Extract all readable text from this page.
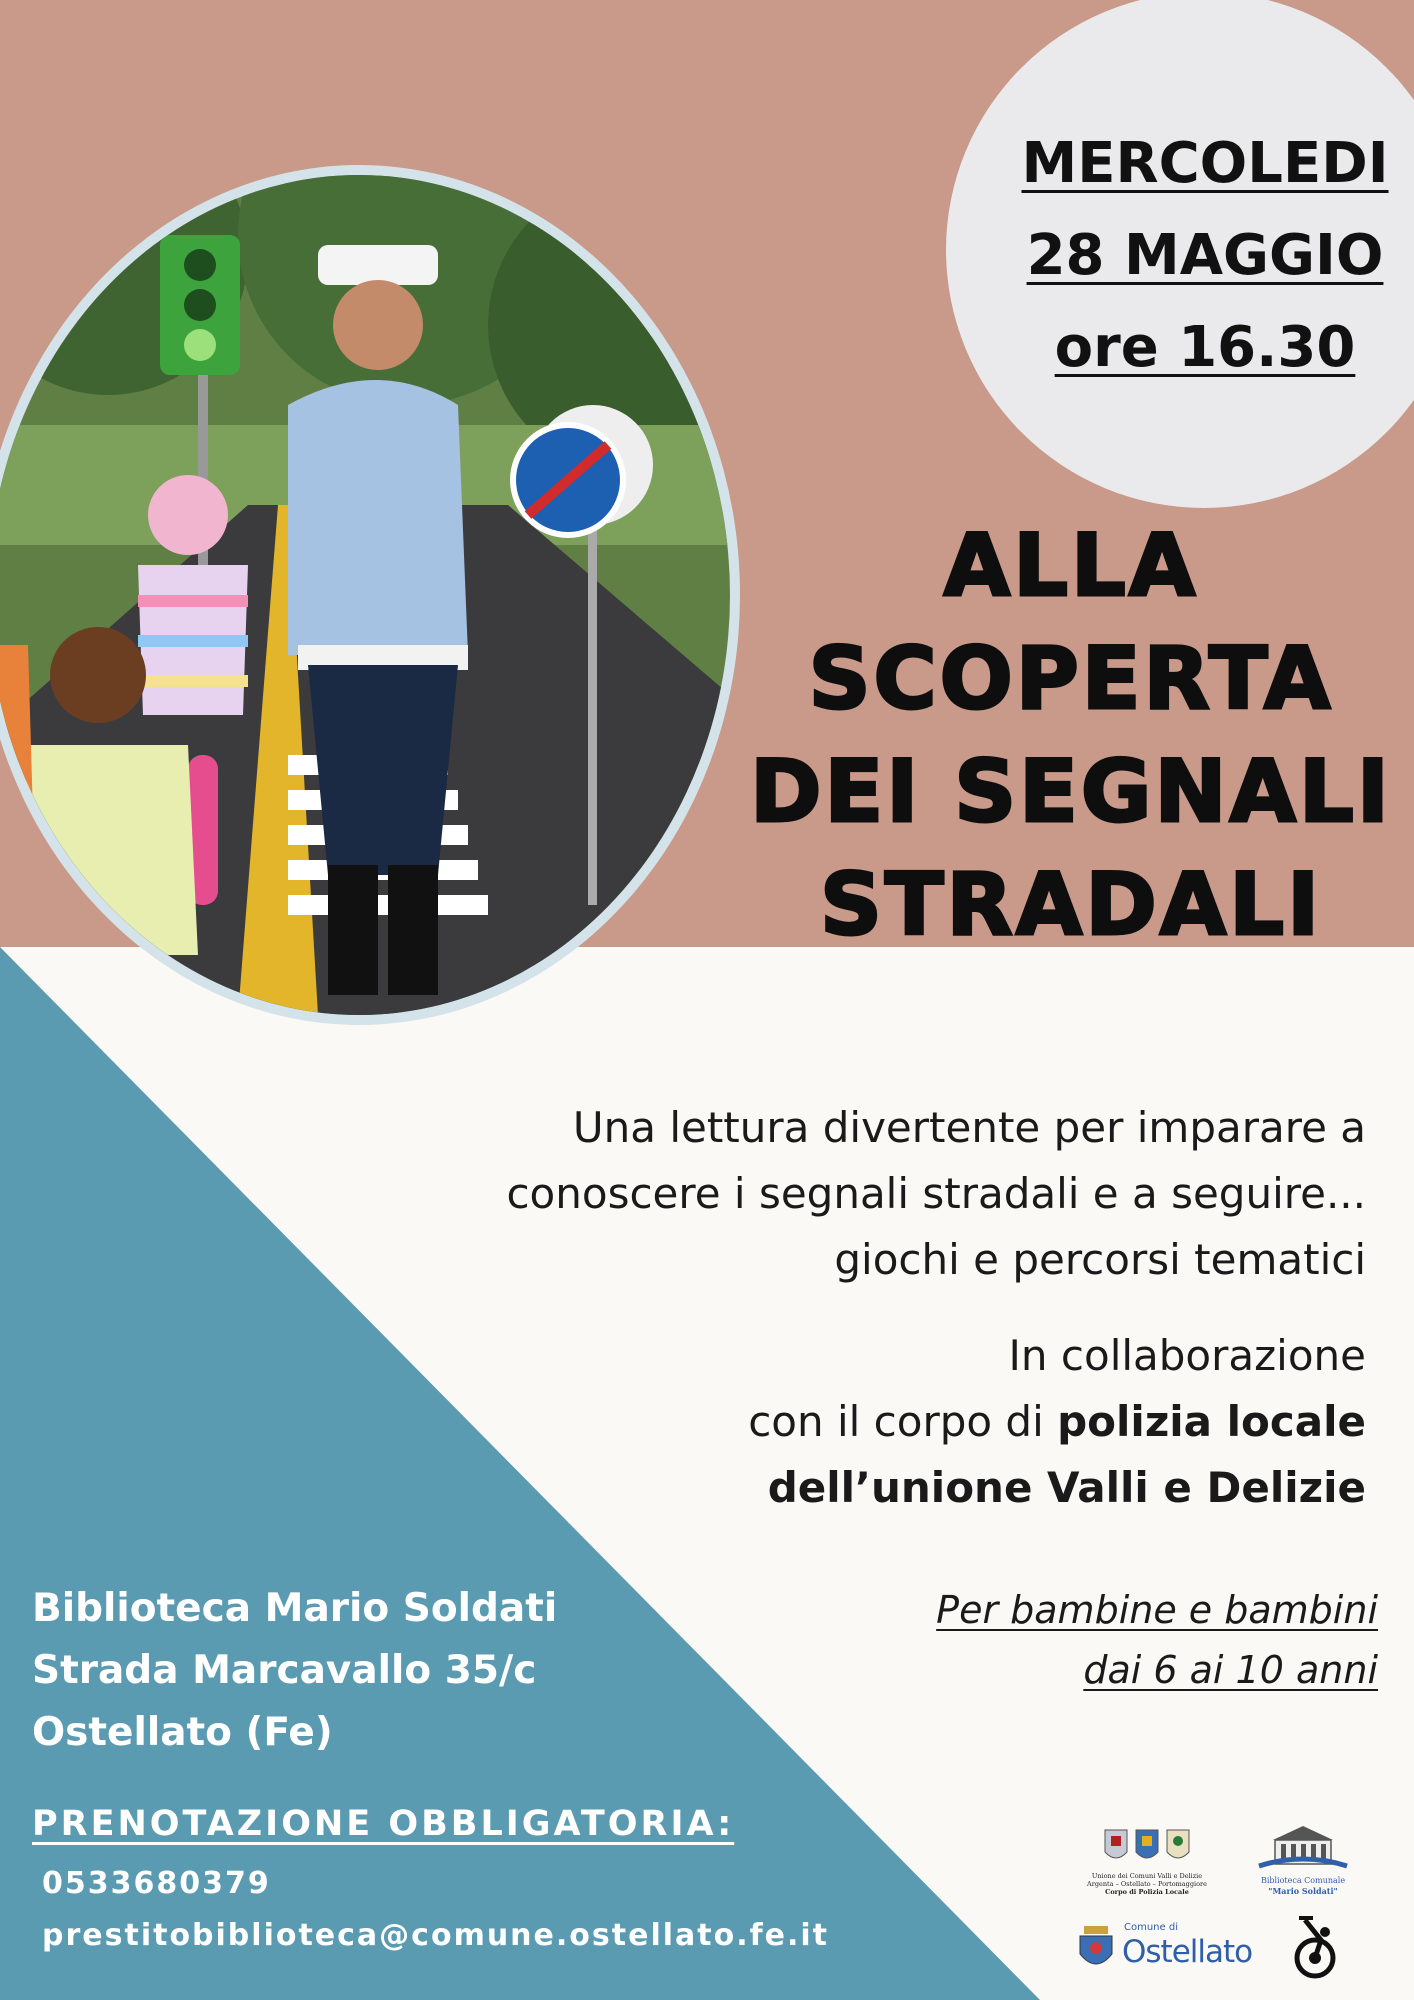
MERCOLEDI
28 MAGGIO
ore 16.30
ALLA
SCOPERTA
DEI SEGNALI
STRADALI
Una lettura divertente per imparare a
conoscere i segnali stradali e a seguire...
giochi e percorsi tematici
In collaborazione
con il corpo di polizia locale
dell’unione Valli e Delizie
Per bambine e bambini
dai 6 ai 10 anni
Biblioteca Mario Soldati
Strada Marcavallo 35/c
Ostellato (Fe)
PRENOTAZIONE OBBLIGATORIA:
0533680379
prestitobiblioteca@comune.ostellato.fe.it
Unione dei Comuni Valli e Delizie
Argenta – Ostellato – Portomaggiore
Corpo di Polizia Locale
Biblioteca Comunale
"Mario Soldati"
Comune di
Ostellato
